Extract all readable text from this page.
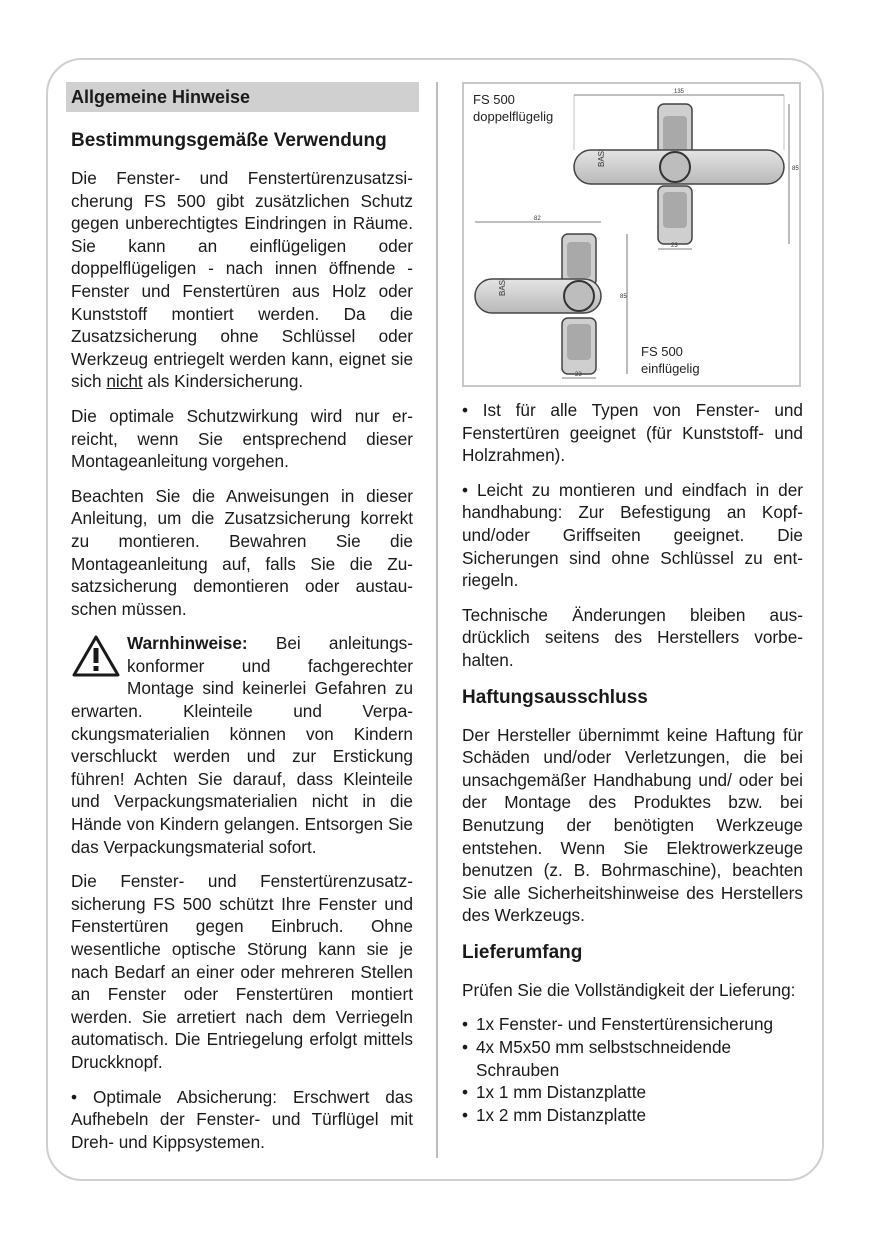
Allgemeine Hinweise
Bestimmungsgemäße Verwendung

Die Fenster- und Fenstertürenzusatzsicherung FS 500 gibt zusätzlichen Schutz gegen unberechtigtes Eindringen in Räume. Sie kann an einflügeligen oder doppelflügeligen - nach innen öffnende - Fenster und Fenstertüren aus Holz oder Kunststoff montiert werden. Da die Zusatzsicherung ohne Schlüssel oder Werkzeug entriegelt werden kann, eignet sie sich nicht als Kindersicherung.

Die optimale Schutzwirkung wird nur erreicht, wenn Sie entsprechend dieser Montageanleitung vorgehen.

Beachten Sie die Anweisungen in dieser Anleitung, um die Zusatzsicherung korrekt zu montieren. Bewahren Sie die Montageanleitung auf, falls Sie die Zusatzsicherung demontieren oder austauschen müssen.

Warnhinweise: Bei anleitungskonformer und fachgerechter Montage sind keinerlei Gefahren zu erwarten. Kleinteile und Verpackungsmaterialien können von Kindern verschluckt werden und zur Erstickung führen! Achten Sie darauf, dass Kleinteile und Verpackungsmaterialien nicht in die Hände von Kindern gelangen. Entsorgen Sie das Verpackungsmaterial sofort.

Die Fenster- und Fenstertürenzusatzsicherung FS 500 schützt Ihre Fenster und Fenstertüren gegen Einbruch. Ohne wesentliche optische Störung kann sie je nach Bedarf an einer oder mehreren Stellen an Fenster oder Fenstertüren montiert werden. Sie arretiert nach dem Verriegeln automatisch. Die Entriegelung erfolgt mittels Druckknopf.

• Optimale Absicherung: Erschwert das Aufhebeln der Fenster- und Türflügel mit Dreh- und Kippsystemen.

FS 500
doppelflügelig
FS 500
einflügelig
BASI
135
85
23
BASI
82
85
23

• Ist für alle Typen von Fenster- und Fenstertüren geeignet (für Kunststoff- und Holzrahmen).

• Leicht zu montieren und eindfach in der handhabung: Zur Befestigung an Kopf- und/oder Griffseiten geeignet. Die Sicherungen sind ohne Schlüssel zu entriegeln.

Technische Änderungen bleiben ausdrücklich seitens des Herstellers vorbehalten.

Haftungsausschluss

Der Hersteller übernimmt keine Haftung für Schäden und/oder Verletzungen, die bei unsachgemäßer Handhabung und/ oder bei der Montage des Produktes bzw. bei Benutzung der benötigten Werkzeuge entstehen. Wenn Sie Elektrowerkzeuge benutzen (z. B. Bohrmaschine), beachten Sie alle Sicherheitshinweise des Herstellers des Werkzeugs.

Lieferumfang

Prüfen Sie die Vollständigkeit der Lieferung:

• 1x Fenster- und Fenstertürensicherung
• 4x M5x50 mm selbstschneidende Schrauben
• 1x 1 mm Distanzplatte
• 1x 2 mm Distanzplatte
